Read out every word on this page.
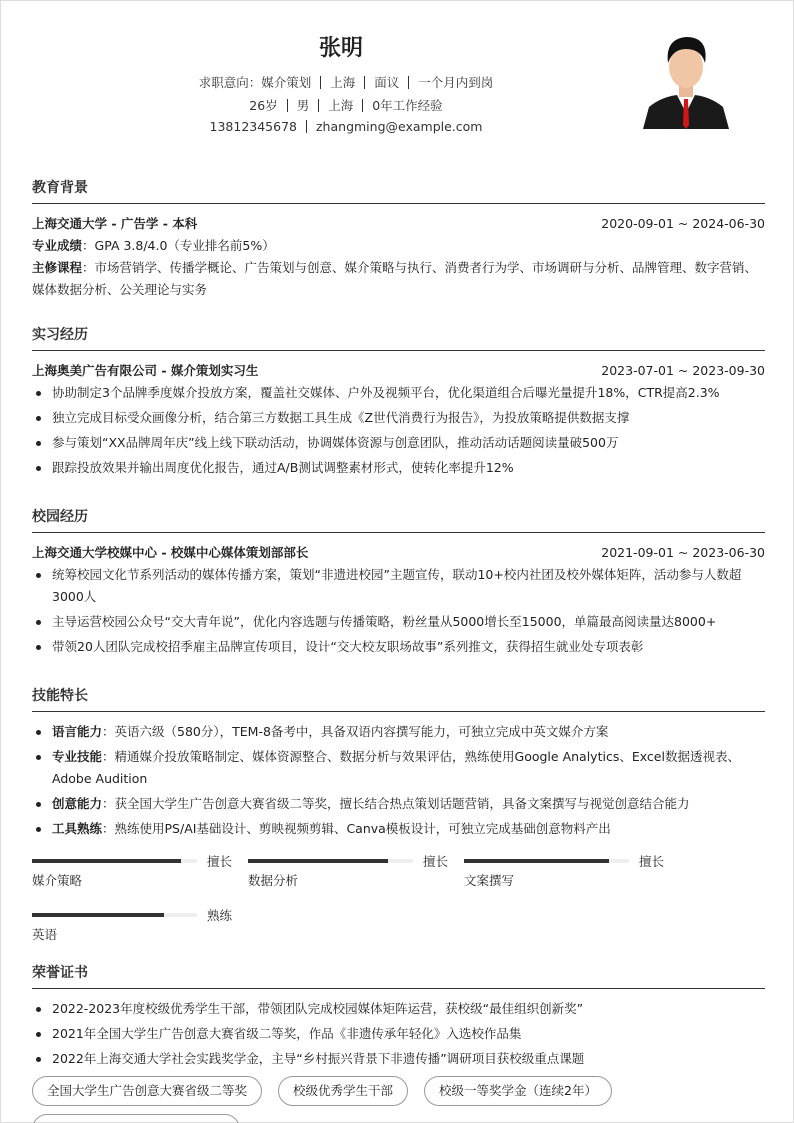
张明
求职意向：媒介策划 上海 面议 一个月内到岗
26岁 男 上海 0年工作经验
13812345678 zhangming@example.com
教育背景
上海交通大学 - 广告学 - 本科	2020-09-01 ~ 2024-06-30

专业成绩：GPA 3.8/4.0（专业排名前5%）

主修课程：市场营销学、传播学概论、广告策划与创意、媒介策略与执行、消费者行为学、市场调研与分析、品牌管理、数字营销、媒体数据分析、公关理论与实务

实习经历
上海奥美广告有限公司 - 媒介策划实习生	2023-07-01 ~ 2023-09-30
协助制定3个品牌季度媒介投放方案，覆盖社交媒体、户外及视频平台，优化渠道组合后曝光量提升18%，CTR提高2.3%
独立完成目标受众画像分析，结合第三方数据工具生成《Z世代消费行为报告》，为投放策略提供数据支撑
参与策划“XX品牌周年庆”线上线下联动活动，协调媒体资源与创意团队，推动活动话题阅读量破500万
跟踪投放效果并输出周度优化报告，通过A/B测试调整素材形式，使转化率提升12%
校园经历
上海交通大学校媒中心 - 校媒中心媒体策划部部长	2021-09-01 ~ 2023-06-30
统筹校园文化节系列活动的媒体传播方案，策划“非遗进校园”主题宣传，联动10+校内社团及校外媒体矩阵，活动参与人数超3000人
主导运营校园公众号“交大青年说”，优化内容选题与传播策略，粉丝量从5000增长至15000，单篇最高阅读量达8000+
带领20人团队完成校招季雇主品牌宣传项目，设计“交大校友职场故事”系列推文，获得招生就业处专项表彰
技能特长
语言能力：英语六级（580分），TEM-8备考中，具备双语内容撰写能力，可独立完成中英文媒介方案
专业技能：精通媒介投放策略制定、媒体资源整合、数据分析与效果评估，熟练使用Google Analytics、Excel数据透视表、Adobe Audition
创意能力：获全国大学生广告创意大赛省级二等奖，擅长结合热点策划话题营销，具备文案撰写与视觉创意结合能力
工具熟练：熟练使用PS/AI基础设计、剪映视频剪辑、Canva模板设计，可独立完成基础创意物料产出
擅长
媒介策略
擅长
数据分析
擅长
文案撰写
熟练
英语
荣誉证书
2022-2023年度校级优秀学生干部，带领团队完成校园媒体矩阵运营，获校级“最佳组织创新奖”
2021年全国大学生广告创意大赛省级二等奖，作品《非遗传承年轻化》入选校作品集
2022年上海交通大学社会实践奖学金，主导“乡村振兴背景下非遗传播”调研项目获校级重点课题
全国大学生广告创意大赛省级二等奖	校级优秀学生干部	校级一等奖学金（连续2年）
